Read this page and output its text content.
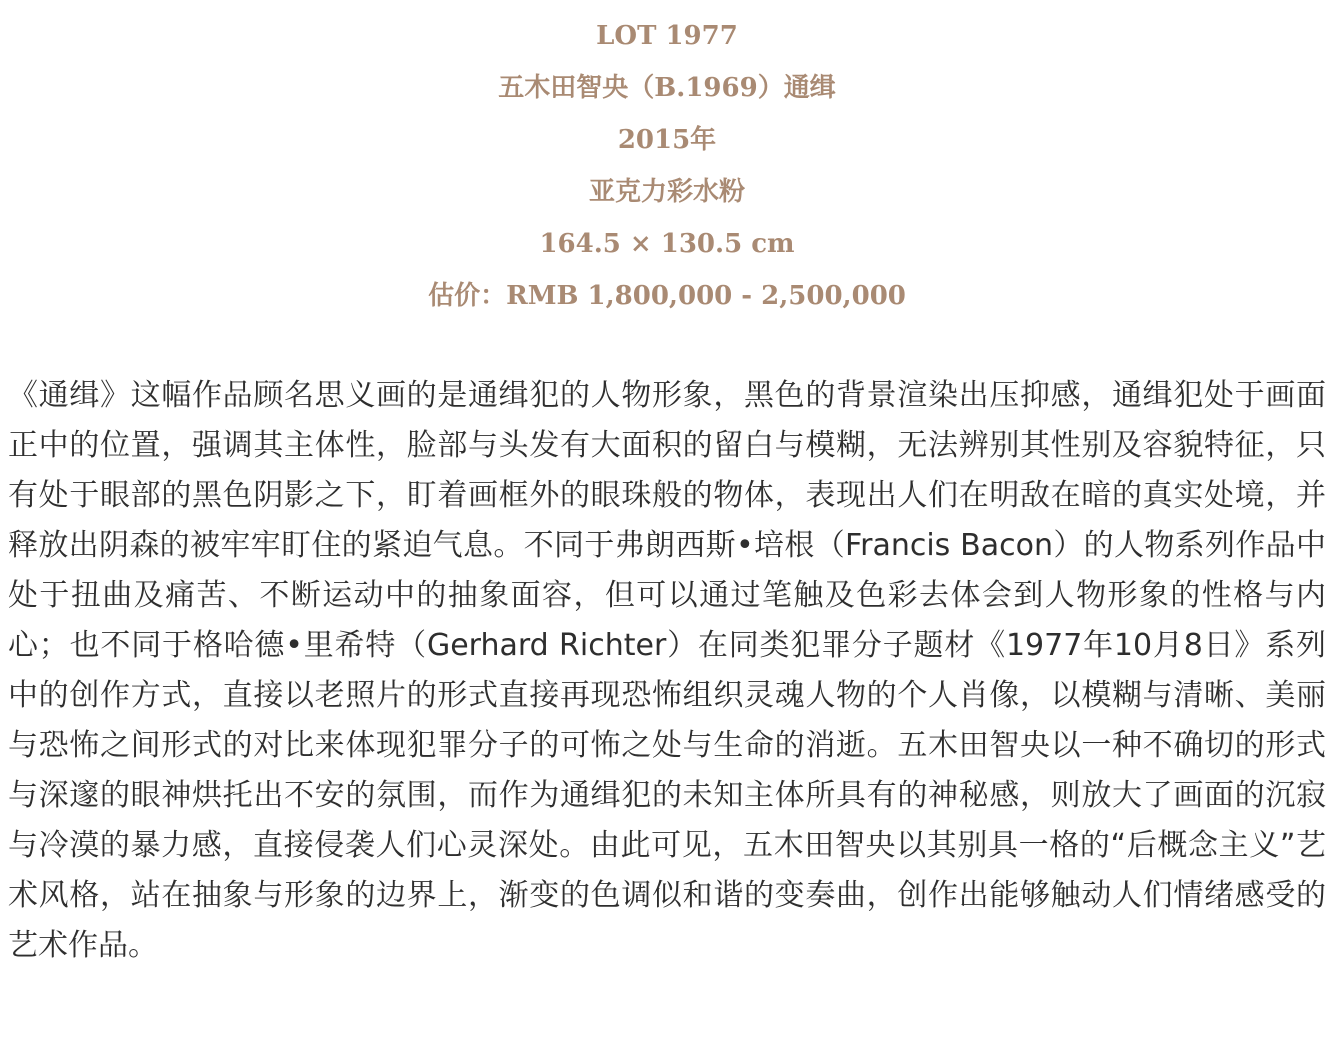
LOT 1977
五木田智央（B.1969）通缉
2015年
亚克力彩水粉
164.5 × 130.5 cm
估价：RMB 1,800,000 - 2,500,000

《通缉》这幅作品顾名思义画的是通缉犯的人物形象，黑色的背景渲染出压抑感，通缉犯处于画面正中的位置，强调其主体性，脸部与头发有大面积的留白与模糊，无法辨别其性别及容貌特征，只有处于眼部的黑色阴影之下，盯着画框外的眼珠般的物体，表现出人们在明敌在暗的真实处境，并释放出阴森的被牢牢盯住的紧迫气息。不同于弗朗西斯•培根（Francis Bacon）的人物系列作品中处于扭曲及痛苦、不断运动中的抽象面容，但可以通过笔触及色彩去体会到人物形象的性格与内心；也不同于格哈德•里希特（Gerhard Richter）在同类犯罪分子题材《1977年10月8日》系列中的创作方式，直接以老照片的形式直接再现恐怖组织灵魂人物的个人肖像，以模糊与清晰、美丽与恐怖之间形式的对比来体现犯罪分子的可怖之处与生命的消逝。五木田智央以一种不确切的形式与深邃的眼神烘托出不安的氛围，而作为通缉犯的未知主体所具有的神秘感，则放大了画面的沉寂与冷漠的暴力感，直接侵袭人们心灵深处。由此可见，五木田智央以其别具一格的“后概念主义”艺术风格，站在抽象与形象的边界上，渐变的色调似和谐的变奏曲，创作出能够触动人们情绪感受的艺术作品。
